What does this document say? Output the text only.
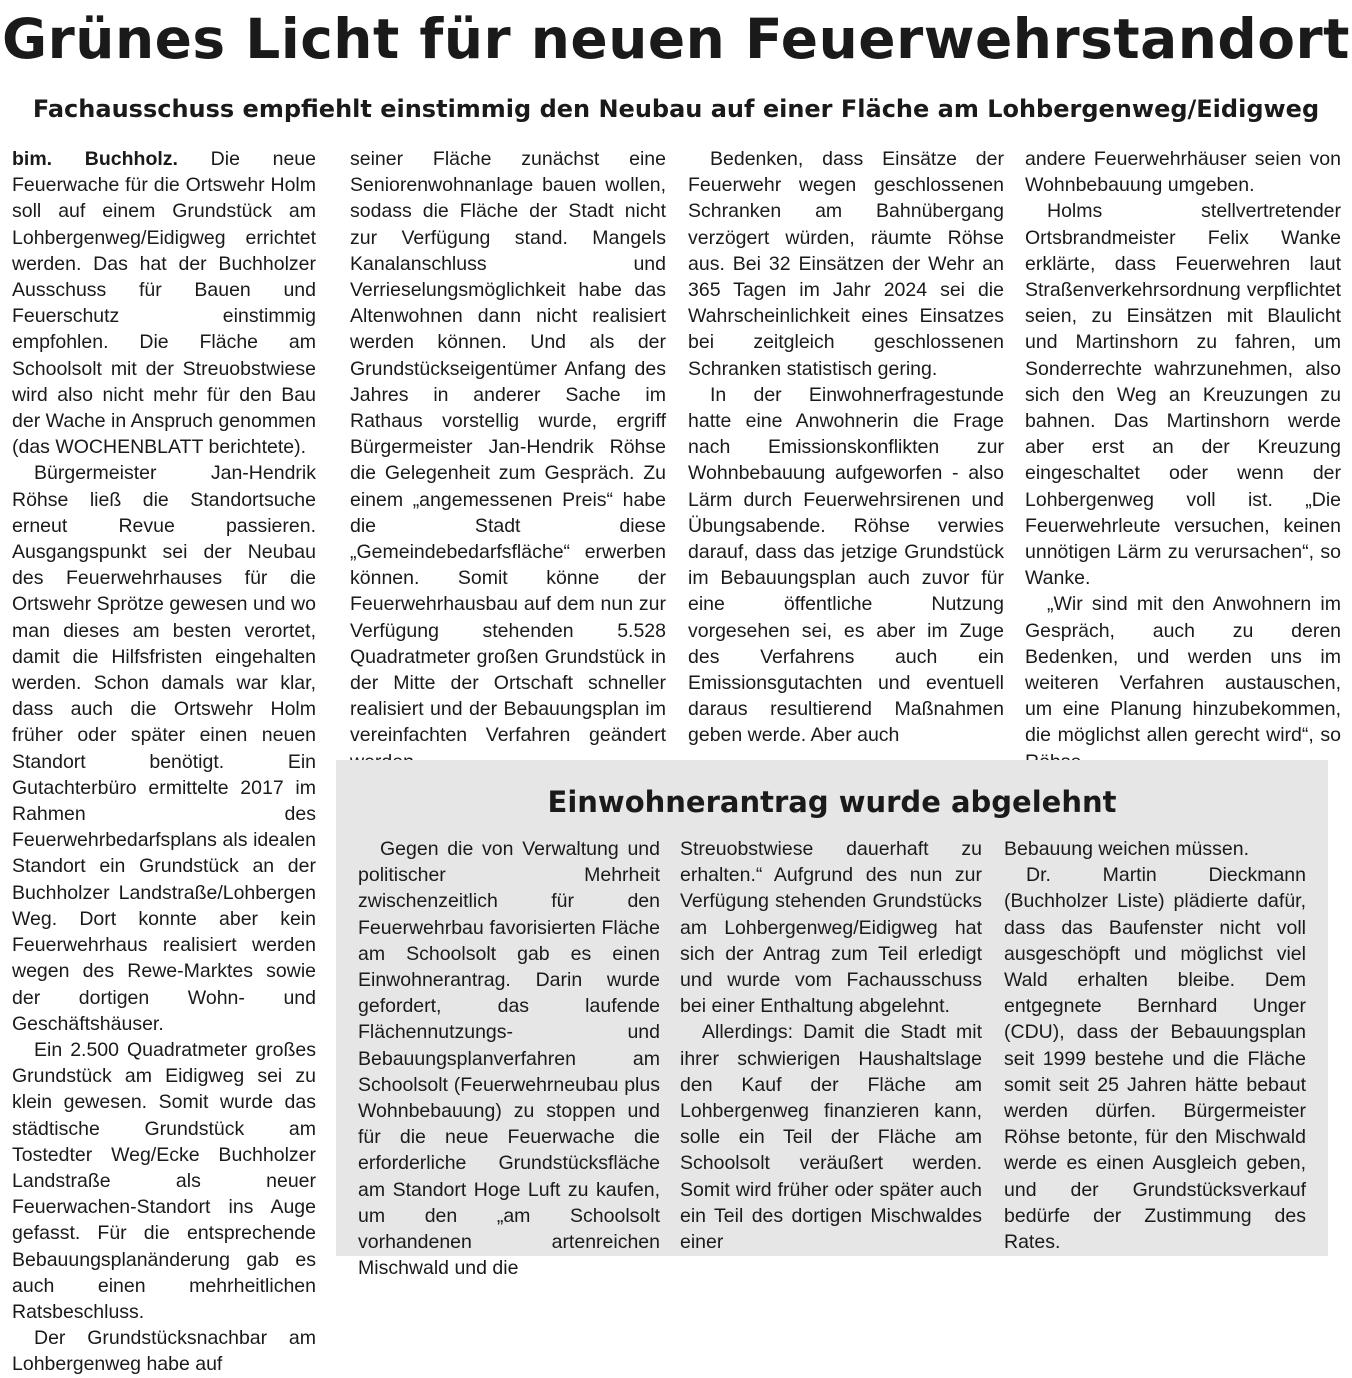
Grünes Licht für neuen Feuerwehrstandort
Fachausschuss empfiehlt einstimmig den Neubau auf einer Fläche am Lohbergenweg/Eidigweg

bim. Buchholz. Die neue Feuerwache für die Ortswehr Holm soll auf einem Grundstück am Lohbergenweg/Eidigweg errichtet werden. Das hat der Buchholzer Ausschuss für Bauen und Feuerschutz einstimmig empfohlen. Die Fläche am Schoolsolt mit der Streuobstwiese wird also nicht mehr für den Bau der Wache in Anspruch genommen (das WOCHENBLATT berichtete).

Bürgermeister Jan-Hendrik Röhse ließ die Standortsuche erneut Revue passieren. Ausgangspunkt sei der Neubau des Feuerwehrhauses für die Ortswehr Sprötze gewesen und wo man dieses am besten verortet, damit die Hilfsfristen eingehalten werden. Schon damals war klar, dass auch die Ortswehr Holm früher oder später einen neuen Standort benötigt. Ein Gutachterbüro ermittelte 2017 im Rahmen des Feuerwehrbedarfsplans als idealen Standort ein Grundstück an der Buchholzer Landstraße/Lohbergen Weg. Dort konnte aber kein Feuerwehrhaus realisiert werden wegen des Rewe-Marktes sowie der dortigen Wohn- und Geschäftshäuser.

Ein 2.500 Quadratmeter großes Grundstück am Eidigweg sei zu klein gewesen. Somit wurde das städtische Grundstück am Tostedter Weg/Ecke Buchholzer Landstraße als neuer Feuerwachen-Standort ins Auge gefasst. Für die entsprechende Bebauungsplanänderung gab es auch einen mehrheitlichen Ratsbeschluss.

Der Grundstücksnachbar am Lohbergenweg habe auf

seiner Fläche zunächst eine Seniorenwohnanlage bauen wollen, sodass die Fläche der Stadt nicht zur Verfügung stand. Mangels Kanalanschluss und Verrieselungsmöglichkeit habe das Altenwohnen dann nicht realisiert werden können. Und als der Grundstückseigentümer Anfang des Jahres in anderer Sache im Rathaus vorstellig wurde, ergriff Bürgermeister Jan-Hendrik Röhse die Gelegenheit zum Gespräch. Zu einem „angemessenen Preis“ habe die Stadt diese „Gemeindebedarfsfläche“ erwerben können. Somit könne der Feuerwehrhausbau auf dem nun zur Verfügung stehenden 5.528 Quadratmeter großen Grundstück in der Mitte der Ortschaft schneller realisiert und der Bebauungsplan im vereinfachten Verfahren geändert

Bedenken, dass Einsätze der Feuerwehr wegen geschlossenen Schranken am Bahnübergang verzögert würden, räumte Röhse aus. Bei 32 Einsätzen der Wehr an 365 Tagen im Jahr 2024 sei die Wahrscheinlichkeit eines Einsatzes bei zeitgleich geschlossenen Schranken statistisch gering.

In der Einwohnerfragestunde hatte eine Anwohnerin die Frage nach Emissionskonflikten zur Wohnbebauung aufgeworfen - also Lärm durch Feuerwehrsirenen und Übungsabende. Röhse verwies darauf, dass das jetzige Grundstück im Bebauungsplan auch zuvor für eine öffentliche Nutzung vorgesehen sei, es aber im Zuge des Verfahrens auch ein Emissionsgutachten und eventuell daraus resultierend Maßnahmen geben werde. Aber auch

andere Feuerwehrhäuser seien von Wohnbebauung umgeben.

Holms stellvertretender Ortsbrandmeister Felix Wanke erklärte, dass Feuerwehren laut Straßenverkehrsordnung verpflichtet seien, zu Einsätzen mit Blaulicht und Martinshorn zu fahren, um Sonderrechte wahrzunehmen, also sich den Weg an Kreuzungen zu bahnen. Das Martinshorn werde aber erst an der Kreuzung eingeschaltet oder wenn der Lohbergenweg voll ist. „Die Feuerwehrleute versuchen, keinen unnötigen Lärm zu verursachen“, so Wanke.

„Wir sind mit den Anwohnern im Gespräch, auch zu deren Bedenken, und werden uns im weiteren Verfahren austauschen, um eine Planung hinzubekommen, die möglichst allen gerecht wird“, so

Einwohnerantrag wurde abgelehnt

Gegen die von Verwaltung und politischer Mehrheit zwischenzeitlich für den Feuerwehrbau favorisierten Fläche am Schoolsolt gab es einen Einwohnerantrag. Darin wurde gefordert, das laufende Flächennutzungs- und Bebauungsplanverfahren am Schoolsolt (Feuerwehrneubau plus Wohnbebauung) zu stoppen und für die neue Feuerwache die erforderliche Grundstücksfläche am Standort Hoge Luft zu kaufen, um den „am Schoolsolt vorhandenen artenreichen Mischwald und die

Streuobstwiese dauerhaft zu erhalten.“ Aufgrund des nun zur Verfügung stehenden Grundstücks am Lohbergenweg/Eidigweg hat sich der Antrag zum Teil erledigt und wurde vom Fachausschuss bei einer Enthaltung abgelehnt.

Allerdings: Damit die Stadt mit ihrer schwierigen Haushaltslage den Kauf der Fläche am Lohbergenweg finanzieren kann, solle ein Teil der Fläche am Schoolsolt veräußert werden. Somit wird früher oder später auch ein Teil des dortigen Mischwaldes einer

Bebauung weichen müssen.

Dr. Martin Dieckmann (Buchholzer Liste) plädierte dafür, dass das Baufenster nicht voll ausgeschöpft und möglichst viel Wald erhalten bleibe. Dem entgegnete Bernhard Unger (CDU), dass der Bebauungsplan seit 1999 bestehe und die Fläche somit seit 25 Jahren hätte bebaut werden dürfen. Bürgermeister Röhse betonte, für den Mischwald werde es einen Ausgleich geben, und der Grundstücksverkauf bedürfe der Zustimmung des Rates.
